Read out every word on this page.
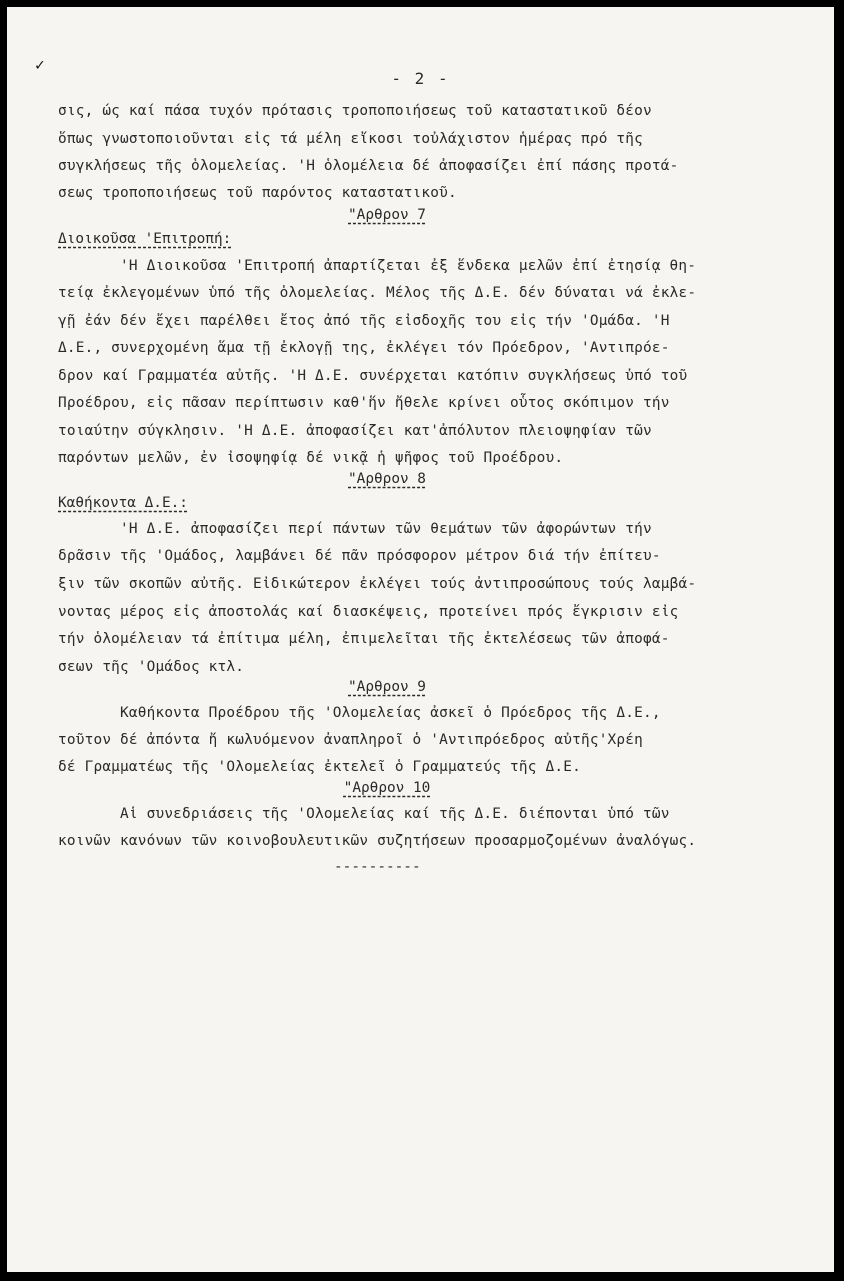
✓
- 2 -
σις, ώς καί πάσα τυχόν πρότασις τροποποιήσεως τοῦ καταστατικοῦ δέον
ὅπως γνωστοποιοῦνται εἰς τά μέλη εἴκοσι τοὐλάχιστον ἡμέρας πρό τῆς
συγκλήσεως τῆς ὁλομελείας. 'Η ὁλομέλεια δέ ἀποφασίζει ἐπί πάσης προτά-
σεως τροποποιήσεως τοῦ παρόντος καταστατικοῦ.
"Αρθρον 7
Διοικοῦσα 'Επιτροπή:
'Η Διοικοῦσα 'Επιτροπή ἀπαρτίζεται ἐξ ἕνδεκα μελῶν ἐπί ἐτησίᾳ θη-
τείᾳ ἐκλεγομένων ὑπό τῆς ὁλομελείας. Μέλος τῆς Δ.Ε. δέν δύναται νά ἐκλε-
γῇ ἐάν δέν ἔχει παρέλθει ἔτος ἀπό τῆς εἰσδοχῆς του εἰς τήν 'Ομάδα. 'Η
Δ.Ε., συνερχομένη ἅμα τῇ ἐκλογῇ της, ἐκλέγει τόν Πρόεδρον, 'Αντιπρόε-
δρον καί Γραμματέα αὐτῆς. 'Η Δ.Ε. συνέρχεται κατόπιν συγκλήσεως ὑπό τοῦ
Προέδρου, εἰς πᾶσαν περίπτωσιν καθ'ἥν ἤθελε κρίνει οὗτος σκόπιμον τήν
τοιαύτην σύγκλησιν. 'Η Δ.Ε. ἀποφασίζει κατ'ἀπόλυτον πλειοψηφίαν τῶν
παρόντων μελῶν, ἐν ἰσοψηφίᾳ δέ νικᾷ ἡ ψῆφος τοῦ Προέδρου.
"Αρθρον 8
Καθήκοντα Δ.Ε.:
'Η Δ.Ε. ἀποφασίζει περί πάντων τῶν θεμάτων τῶν ἀφορώντων τήν
δρᾶσιν τῆς 'Ομάδος, λαμβάνει δέ πᾶν πρόσφορον μέτρον διά τήν ἐπίτευ-
ξιν τῶν σκοπῶν αὐτῆς. Εἰδικώτερον ἐκλέγει τούς ἀντιπροσώπους τούς λαμβά-
νοντας μέρος εἰς ἀποστολάς καί διασκέψεις, προτείνει πρός ἔγκρισιν εἰς
τήν ὁλομέλειαν τά ἐπίτιμα μέλη, ἐπιμελεῖται τῆς ἐκτελέσεως τῶν ἀποφά-
σεων τῆς 'Ομάδος κτλ.
"Αρθρον 9
Καθήκοντα Προέδρου τῆς 'Ολομελείας ἀσκεῖ ὁ Πρόεδρος τῆς Δ.Ε.,
τοῦτον δέ ἀπόντα ἤ κωλυόμενον ἀναπληροῖ ὁ 'Αντιπρόεδρος αὐτῆς'Χρέη
δέ Γραμματέως τῆς 'Ολομελείας ἐκτελεῖ ὁ Γραμματεύς τῆς Δ.Ε.
"Αρθρον 10
Αἱ συνεδριάσεις τῆς 'Ολομελείας καί τῆς Δ.Ε. διέπονται ὑπό τῶν
κοινῶν κανόνων τῶν κοινοβουλευτικῶν συζητήσεων προσαρμοζομένων ἀναλόγως.
----------
